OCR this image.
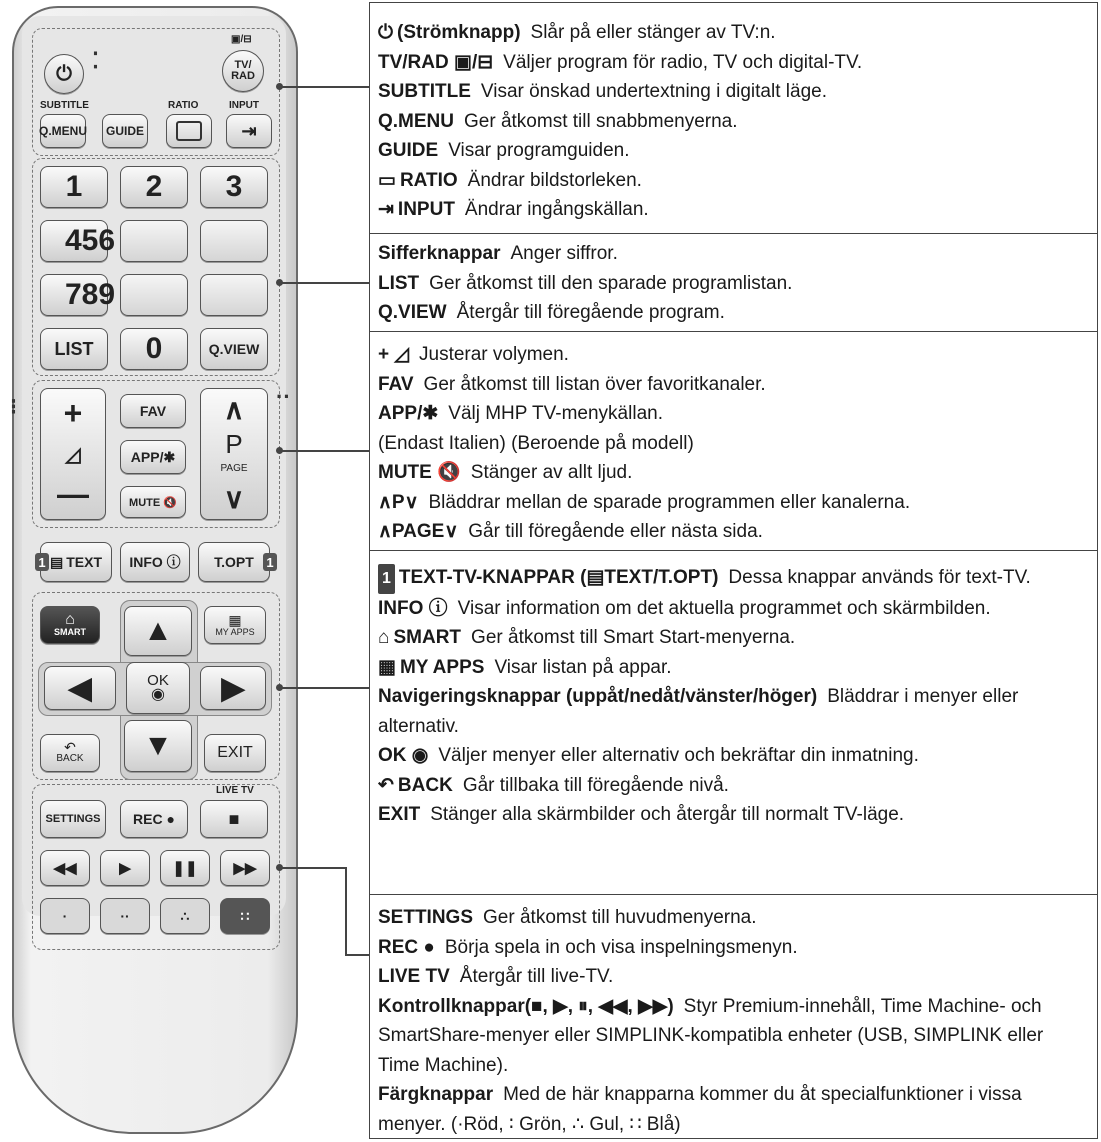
⏻
⁚
▣/⊟
TV/
RAD
SUBTITLE	RATIO	INPUT
Q.MENU	GUIDE	⇥
1	2	3
456
789
LIST	0	Q.VIEW
⁝	··
+
◿
—
FAV
APP/✱
MUTE 🔇
∧
P
PAGE
∨
1 ▤ TEXT	INFO ⓘ	T.OPT 1
⌂
SMART
▦
MY APPS
▲
◀	OK
◉	▶
▼
↶
BACK	EXIT
LIVE TV
SETTINGS	REC ●	■
◀◀	▶	❚❚ ▶▶
·	··	∴	∷
⏻ (Strömknapp) Slår på eller stänger av TV:n.
TV/RAD ▣/⊟ Väljer program för radio, TV och digital-TV.
SUBTITLE Visar önskad undertextning i digitalt läge.
Q.MENU Ger åtkomst till snabbmenyerna.
GUIDE Visar programguiden.
▭ RATIO Ändrar bildstorleken.
⇥ INPUT Ändrar ingångskällan.
Sifferknappar Anger siffror.
LIST Ger åtkomst till den sparade programlistan.
Q.VIEW Återgår till föregående program.
+ ◿ Justerar volymen.
FAV Ger åtkomst till listan över favoritkanaler.
APP/✱ Välj MHP TV-menykällan.
(Endast Italien) (Beroende på modell)
MUTE 🔇 Stänger av allt ljud.
∧P∨ Bläddrar mellan de sparade programmen eller kanalerna.
∧PAGE∨ Går till föregående eller nästa sida.
1 TEXT-TV-KNAPPAR (▤TEXT/T.OPT) Dessa knappar används för text-TV.
INFO ⓘ Visar information om det aktuella programmet och skärmbilden.
⌂ SMART Ger åtkomst till Smart Start-menyerna.
▦ MY APPS Visar listan på appar.
Navigeringsknappar (uppåt/nedåt/vänster/höger) Bläddrar i menyer eller alternativ.
OK ◉ Väljer menyer eller alternativ och bekräftar din inmatning.
↶ BACK Går tillbaka till föregående nivå.
EXIT Stänger alla skärmbilder och återgår till normalt TV-läge.
SETTINGS Ger åtkomst till huvudmenyerna.
REC ● Börja spela in och visa inspelningsmenyn.
LIVE TV Återgår till live-TV.
Kontrollknappar(■, ▶, ⏸, ◀◀, ▶▶) Styr Premium-innehåll, Time Machine- och SmartShare-menyer eller SIMPLINK-kompatibla enheter (USB, SIMPLINK eller Time Machine).
Färgknappar Med de här knapparna kommer du åt specialfunktioner i vissa menyer. (·Röd, ∶ Grön, ∴ Gul, ∷ Blå)
